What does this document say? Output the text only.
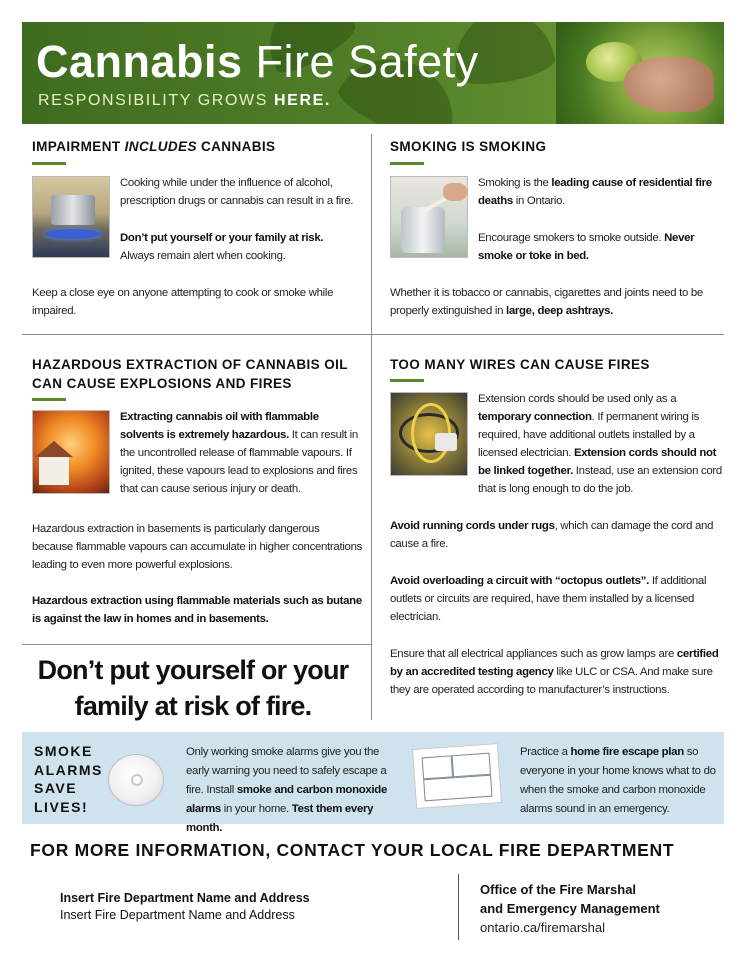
Cannabis Fire Safety
RESPONSIBILITY GROWS HERE.
IMPAIRMENT INCLUDES CANNABIS
Cooking while under the influence of alcohol, prescription drugs or cannabis can result in a fire.
Don’t put yourself or your family at risk.
Always remain alert when cooking.
Keep a close eye on anyone attempting to cook or smoke while impaired.
SMOKING IS SMOKING
Smoking is the leading cause of residential fire deaths in Ontario.
Encourage smokers to smoke outside. Never smoke or toke in bed.
Whether it is tobacco or cannabis, cigarettes and joints need to be properly extinguished in large, deep ashtrays.
HAZARDOUS EXTRACTION OF CANNABIS OIL CAN CAUSE EXPLOSIONS AND FIRES
Extracting cannabis oil with flammable solvents is extremely hazardous. It can result in the uncontrolled release of flammable vapours. If ignited, these vapours lead to explosions and fires that can cause serious injury or death.
Hazardous extraction in basements is particularly dangerous because flammable vapours can accumulate in higher concentrations leading to even more powerful explosions.
Hazardous extraction using flammable materials such as butane is against the law in homes and in basements.
TOO MANY WIRES CAN CAUSE FIRES
Extension cords should be used only as a temporary connection. If permanent wiring is required, have additional outlets installed by a licensed electrician. Extension cords should not be linked together. Instead, use an extension cord that is long enough to do the job.
Avoid running cords under rugs, which can damage the cord and cause a fire.
Avoid overloading a circuit with “octopus outlets”. If additional outlets or circuits are required, have them installed by a licensed electrician.
Ensure that all electrical appliances such as grow lamps are certified by an accredited testing agency like ULC or CSA. And make sure they are operated according to manufacturer’s instructions.
Don’t put yourself or your family at risk of fire.
SMOKE
ALARMS
SAVE
LIVES!
Only working smoke alarms give you the early warning you need to safely escape a fire. Install smoke and carbon monoxide alarms in your home. Test them every month.
Practice a home fire escape plan so everyone in your home knows what to do when the smoke and carbon monoxide alarms sound in an emergency.
FOR MORE INFORMATION, CONTACT YOUR LOCAL FIRE DEPARTMENT
Insert Fire Department Name and Address
Insert Fire Department Name and Address
Office of the Fire Marshal
and Emergency Management
ontario.ca/firemarshal
